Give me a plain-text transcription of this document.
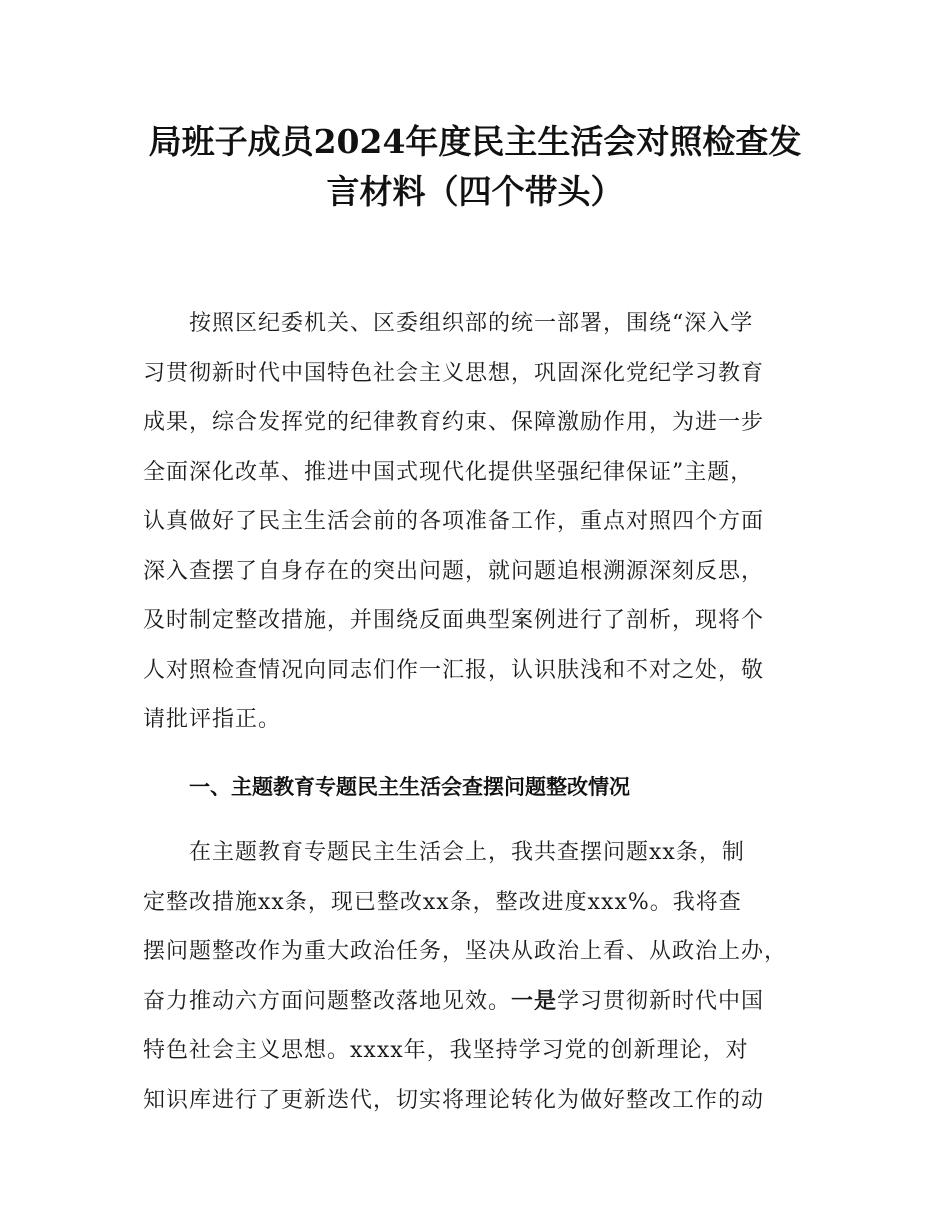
局班子成员2024年度民主生活会对照检查发
言材料（四个带头）
按照区纪委机关、区委组织部的统一部署，围绕“深入学
习贯彻新时代中国特色社会主义思想，巩固深化党纪学习教育
成果，综合发挥党的纪律教育约束、保障激励作用，为进一步
全面深化改革、推进中国式现代化提供坚强纪律保证”主题，
认真做好了民主生活会前的各项准备工作，重点对照四个方面
深入查摆了自身存在的突出问题，就问题追根溯源深刻反思，
及时制定整改措施，并围绕反面典型案例进行了剖析，现将个
人对照检查情况向同志们作一汇报，认识肤浅和不对之处，敬
请批评指正。
一、主题教育专题民主生活会查摆问题整改情况
在主题教育专题民主生活会上，我共查摆问题xx条，制
定整改措施xx条，现已整改xx条，整改进度xxx%。我将查
摆问题整改作为重大政治任务，坚决从政治上看、从政治上办，
奋力推动六方面问题整改落地见效。一是学习贯彻新时代中国
特色社会主义思想。xxxx年，我坚持学习党的创新理论，对
知识库进行了更新迭代，切实将理论转化为做好整改工作的动
